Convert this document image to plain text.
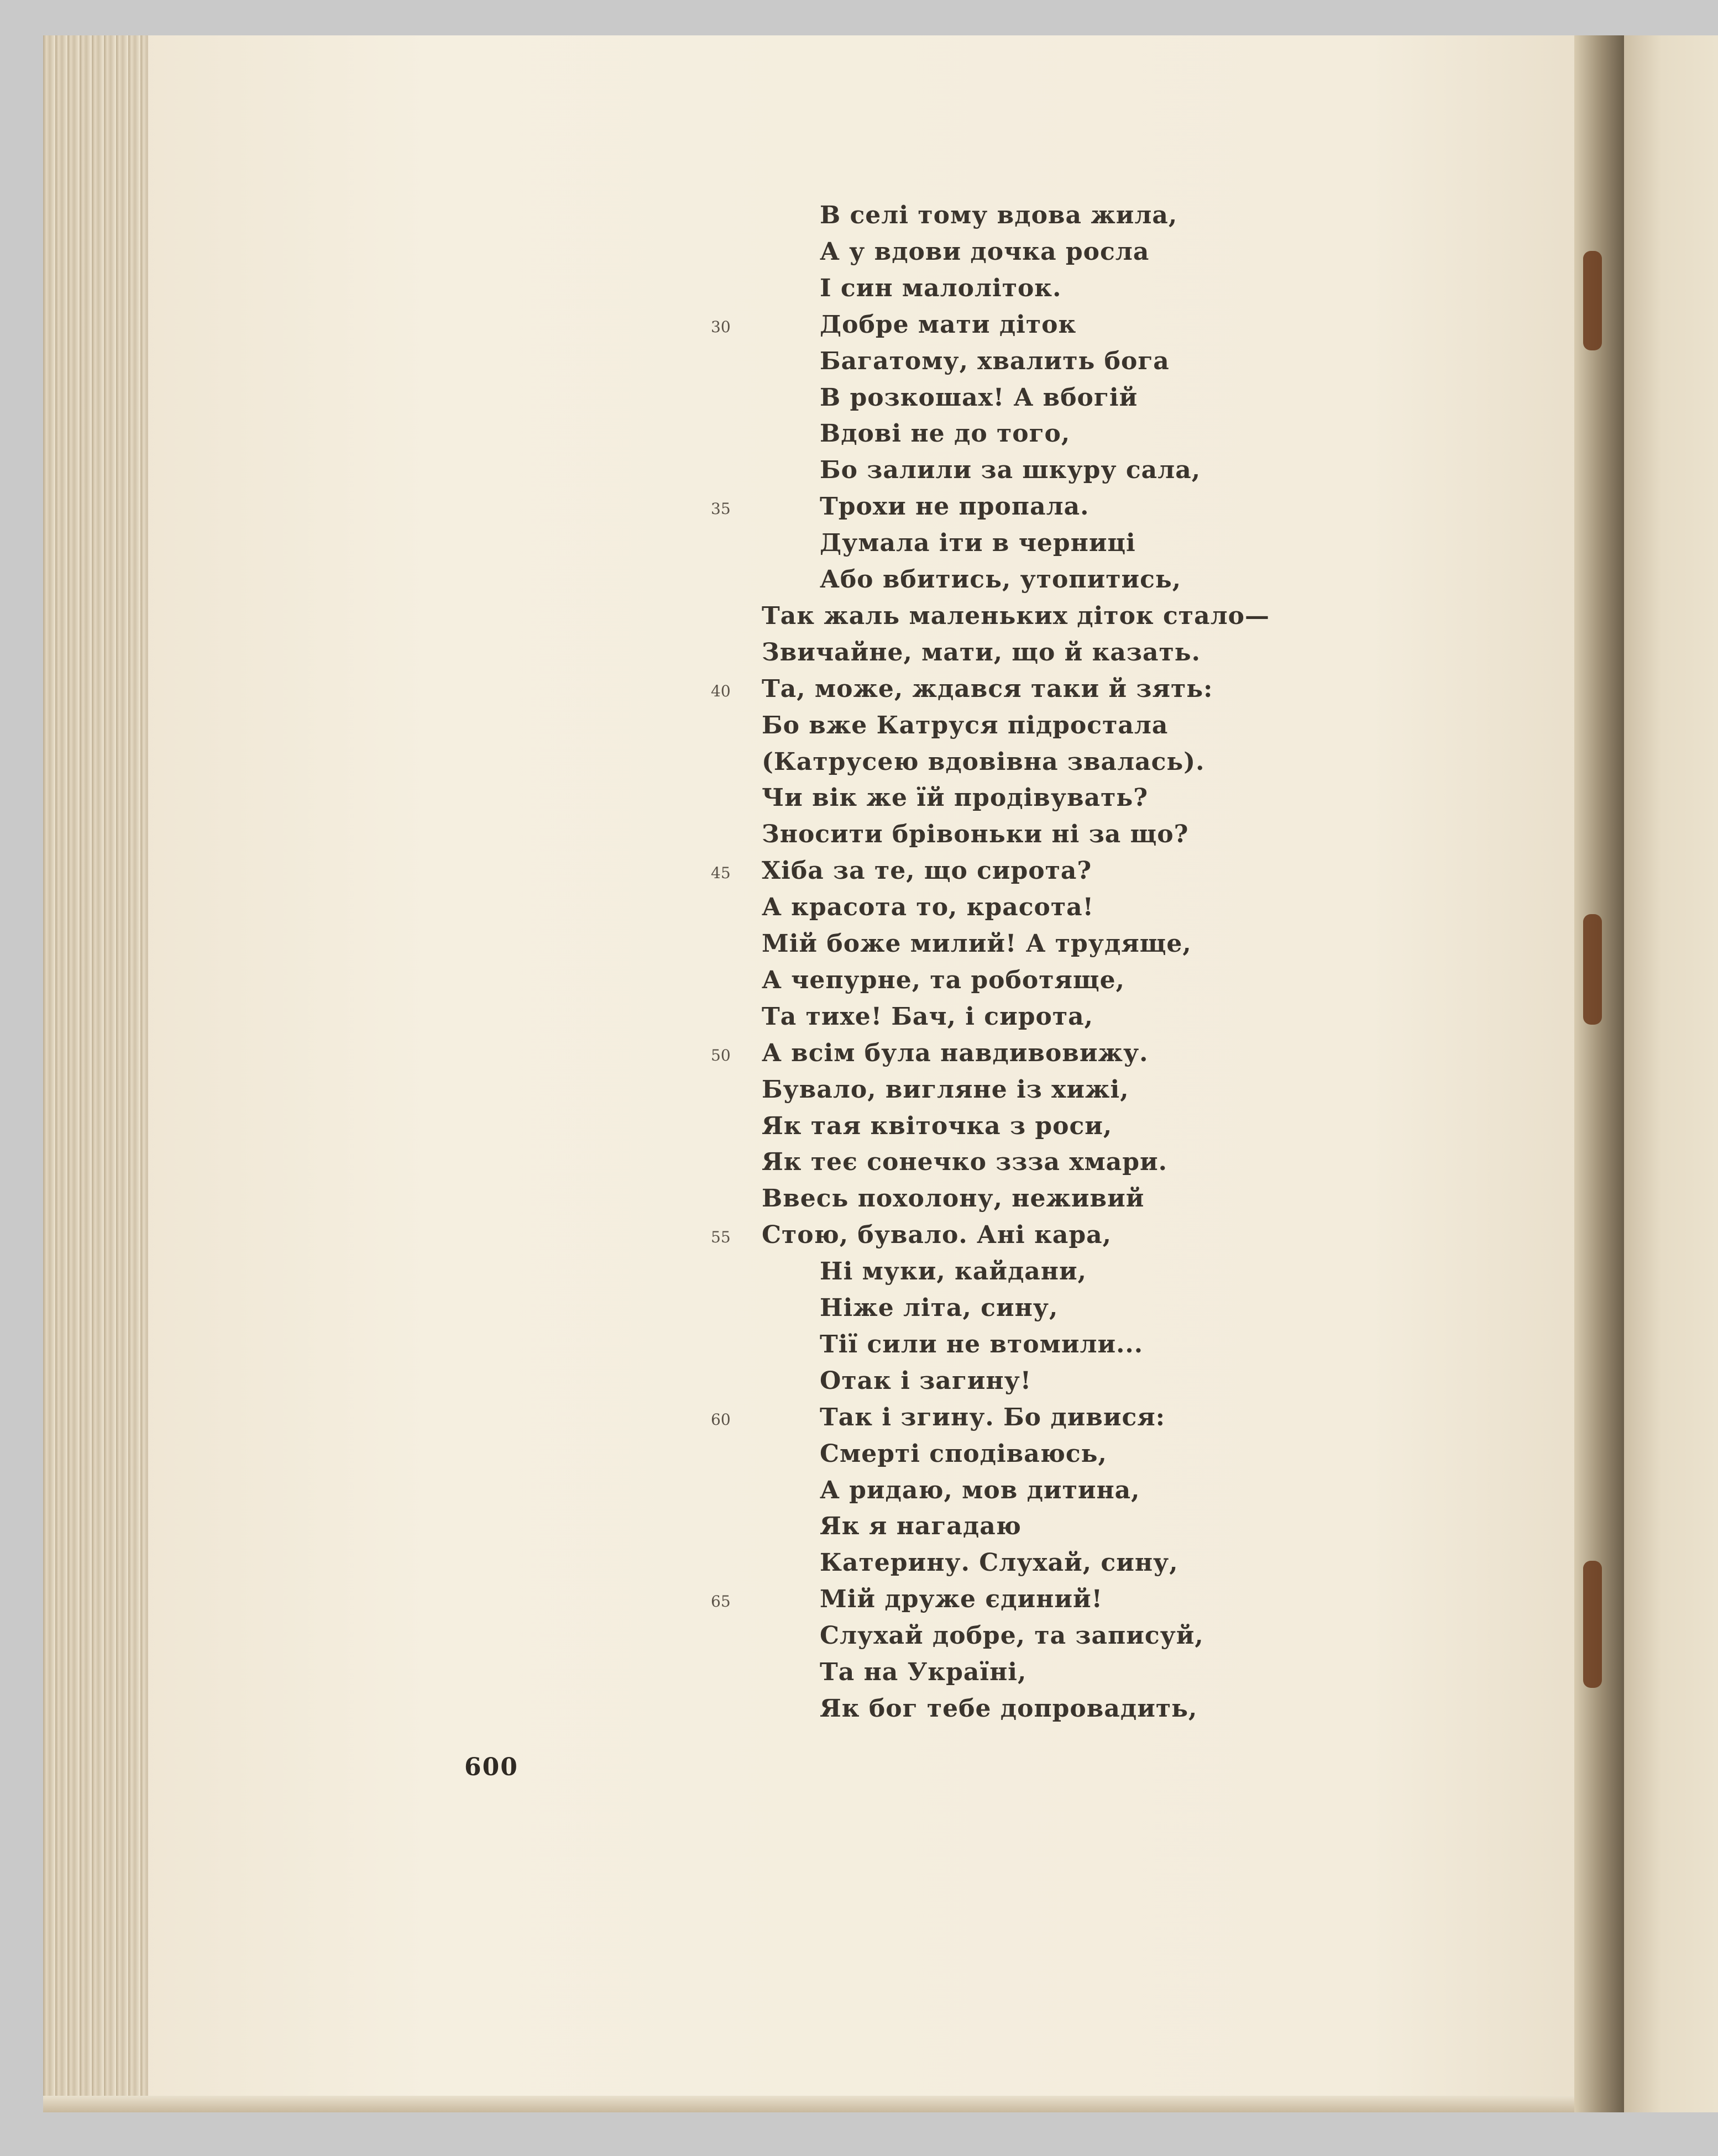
В селі тому вдова жила,
А у вдови дочка росла
І син малоліток.
Добре мати діток
Багатому, хвалить бога
В розкошах! А вбогій
Вдові не до того,
Бо залили за шкуру сала,
Трохи не пропала.
Думала іти в черниці
Або вбитись, утопитись,
Так жаль маленьких діток стало—
Звичайне, мати, що й казать.
Та, може, ждався таки й зять:
Бо вже Катруся підростала
(Катрусею вдовівна звалась).
Чи вік же їй продівувать?
Зносити брівоньки ні за що?
Хіба за те, що сирота?
А красота то, красота!
Мій боже милий! А трудяще,
А чепурне, та роботяще,
Та тихе! Бач, і сирота,
А всім була навдивовижу.
Бувало, вигляне із хижі,
Як тая квіточка з роси,
Як теє сонечко ззза хмари.
Ввесь похолону, неживий
Стою, бувало. Ані кара,
Ні муки, кайдани,
Ніже літа, сину,
Тії сили не втомили...
Отак і загину!
Так і згину. Бо дивися:
Смерті сподіваюсь,
А ридаю, мов дитина,
Як я нагадаю
Катерину. Слухай, сину,
Мій друже єдиний!
Слухай добре, та записуй,
Та на Україні,
Як бог тебе допровадить,
30
35
40
45
50
55
60
65
600
